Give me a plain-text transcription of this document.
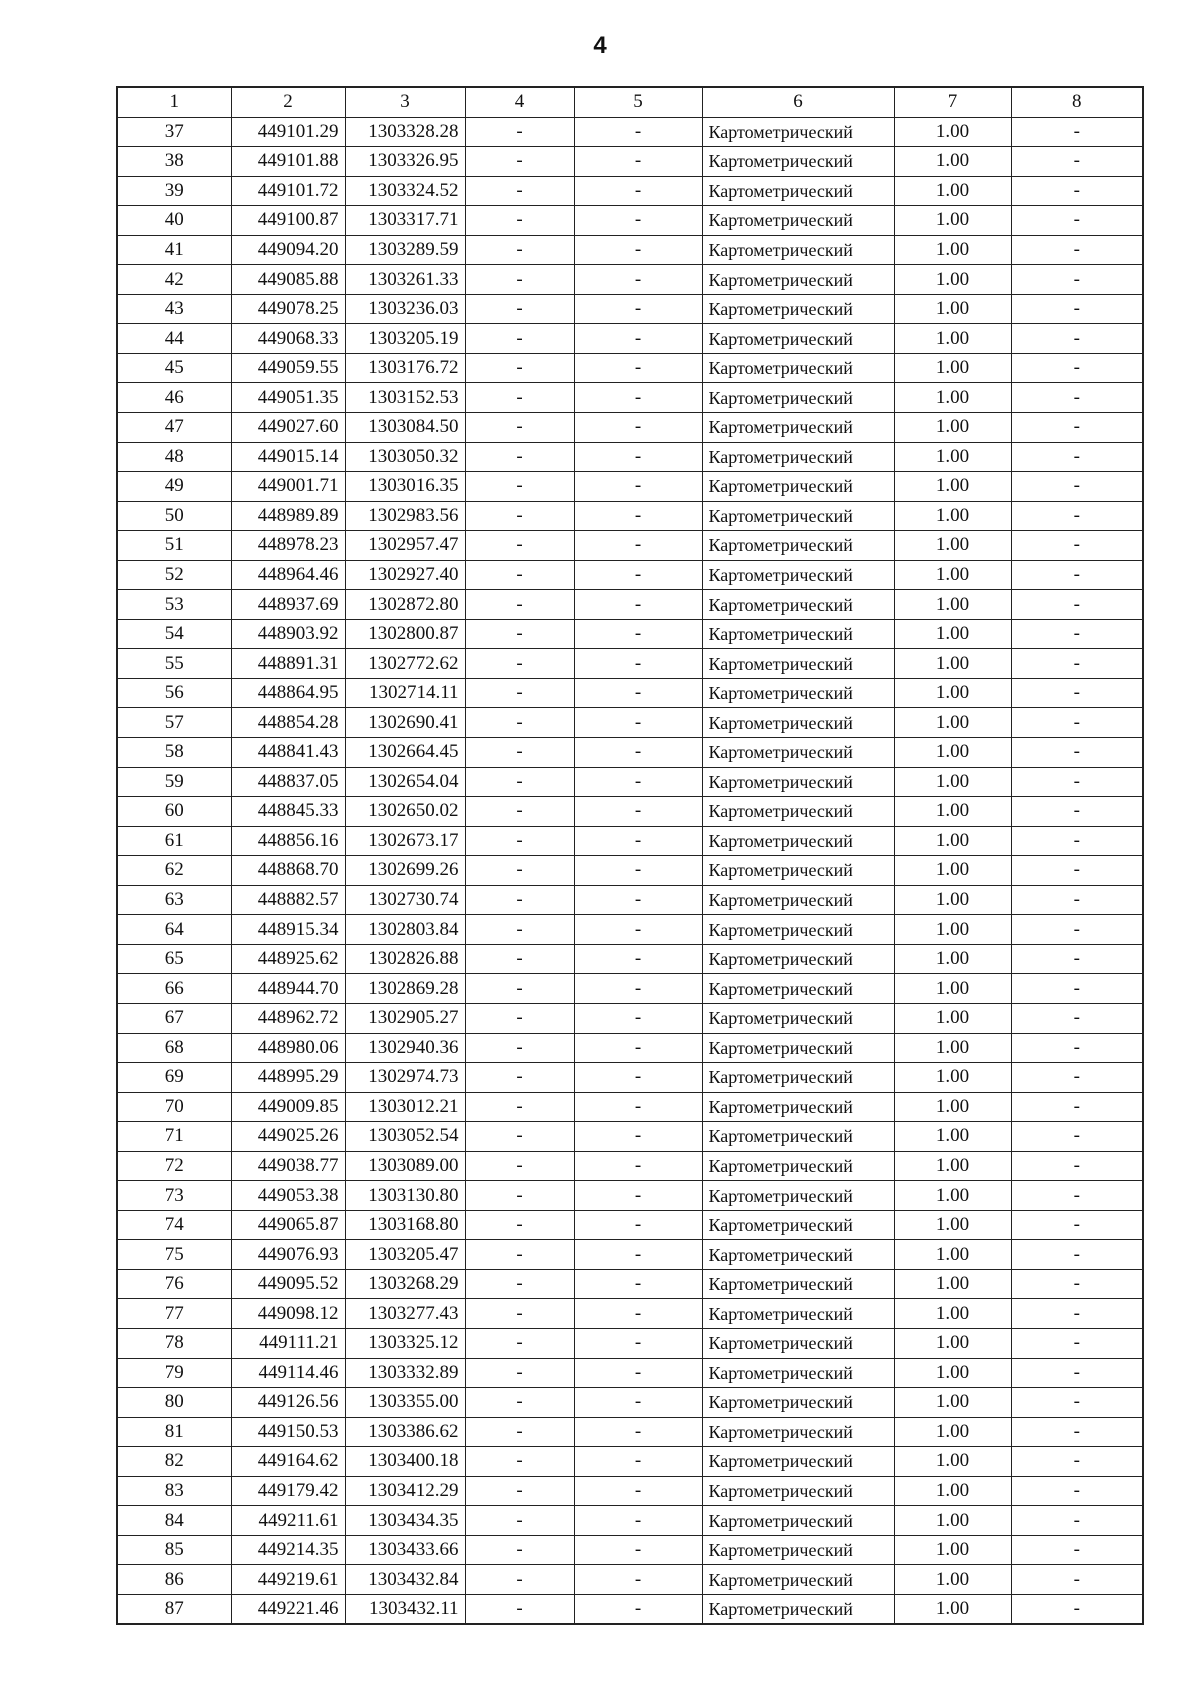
4
1	2	3	4	5	6	7	8
37	449101.29	1303328.28	-	-	Картометрический	1.00	-
38	449101.88	1303326.95	-	-	Картометрический	1.00	-
39	449101.72	1303324.52	-	-	Картометрический	1.00	-
40	449100.87	1303317.71	-	-	Картометрический	1.00	-
41	449094.20	1303289.59	-	-	Картометрический	1.00	-
42	449085.88	1303261.33	-	-	Картометрический	1.00	-
43	449078.25	1303236.03	-	-	Картометрический	1.00	-
44	449068.33	1303205.19	-	-	Картометрический	1.00	-
45	449059.55	1303176.72	-	-	Картометрический	1.00	-
46	449051.35	1303152.53	-	-	Картометрический	1.00	-
47	449027.60	1303084.50	-	-	Картометрический	1.00	-
48	449015.14	1303050.32	-	-	Картометрический	1.00	-
49	449001.71	1303016.35	-	-	Картометрический	1.00	-
50	448989.89	1302983.56	-	-	Картометрический	1.00	-
51	448978.23	1302957.47	-	-	Картометрический	1.00	-
52	448964.46	1302927.40	-	-	Картометрический	1.00	-
53	448937.69	1302872.80	-	-	Картометрический	1.00	-
54	448903.92	1302800.87	-	-	Картометрический	1.00	-
55	448891.31	1302772.62	-	-	Картометрический	1.00	-
56	448864.95	1302714.11	-	-	Картометрический	1.00	-
57	448854.28	1302690.41	-	-	Картометрический	1.00	-
58	448841.43	1302664.45	-	-	Картометрический	1.00	-
59	448837.05	1302654.04	-	-	Картометрический	1.00	-
60	448845.33	1302650.02	-	-	Картометрический	1.00	-
61	448856.16	1302673.17	-	-	Картометрический	1.00	-
62	448868.70	1302699.26	-	-	Картометрический	1.00	-
63	448882.57	1302730.74	-	-	Картометрический	1.00	-
64	448915.34	1302803.84	-	-	Картометрический	1.00	-
65	448925.62	1302826.88	-	-	Картометрический	1.00	-
66	448944.70	1302869.28	-	-	Картометрический	1.00	-
67	448962.72	1302905.27	-	-	Картометрический	1.00	-
68	448980.06	1302940.36	-	-	Картометрический	1.00	-
69	448995.29	1302974.73	-	-	Картометрический	1.00	-
70	449009.85	1303012.21	-	-	Картометрический	1.00	-
71	449025.26	1303052.54	-	-	Картометрический	1.00	-
72	449038.77	1303089.00	-	-	Картометрический	1.00	-
73	449053.38	1303130.80	-	-	Картометрический	1.00	-
74	449065.87	1303168.80	-	-	Картометрический	1.00	-
75	449076.93	1303205.47	-	-	Картометрический	1.00	-
76	449095.52	1303268.29	-	-	Картометрический	1.00	-
77	449098.12	1303277.43	-	-	Картометрический	1.00	-
78	449111.21	1303325.12	-	-	Картометрический	1.00	-
79	449114.46	1303332.89	-	-	Картометрический	1.00	-
80	449126.56	1303355.00	-	-	Картометрический	1.00	-
81	449150.53	1303386.62	-	-	Картометрический	1.00	-
82	449164.62	1303400.18	-	-	Картометрический	1.00	-
83	449179.42	1303412.29	-	-	Картометрический	1.00	-
84	449211.61	1303434.35	-	-	Картометрический	1.00	-
85	449214.35	1303433.66	-	-	Картометрический	1.00	-
86	449219.61	1303432.84	-	-	Картометрический	1.00	-
87	449221.46	1303432.11	-	-	Картометрический	1.00	-
